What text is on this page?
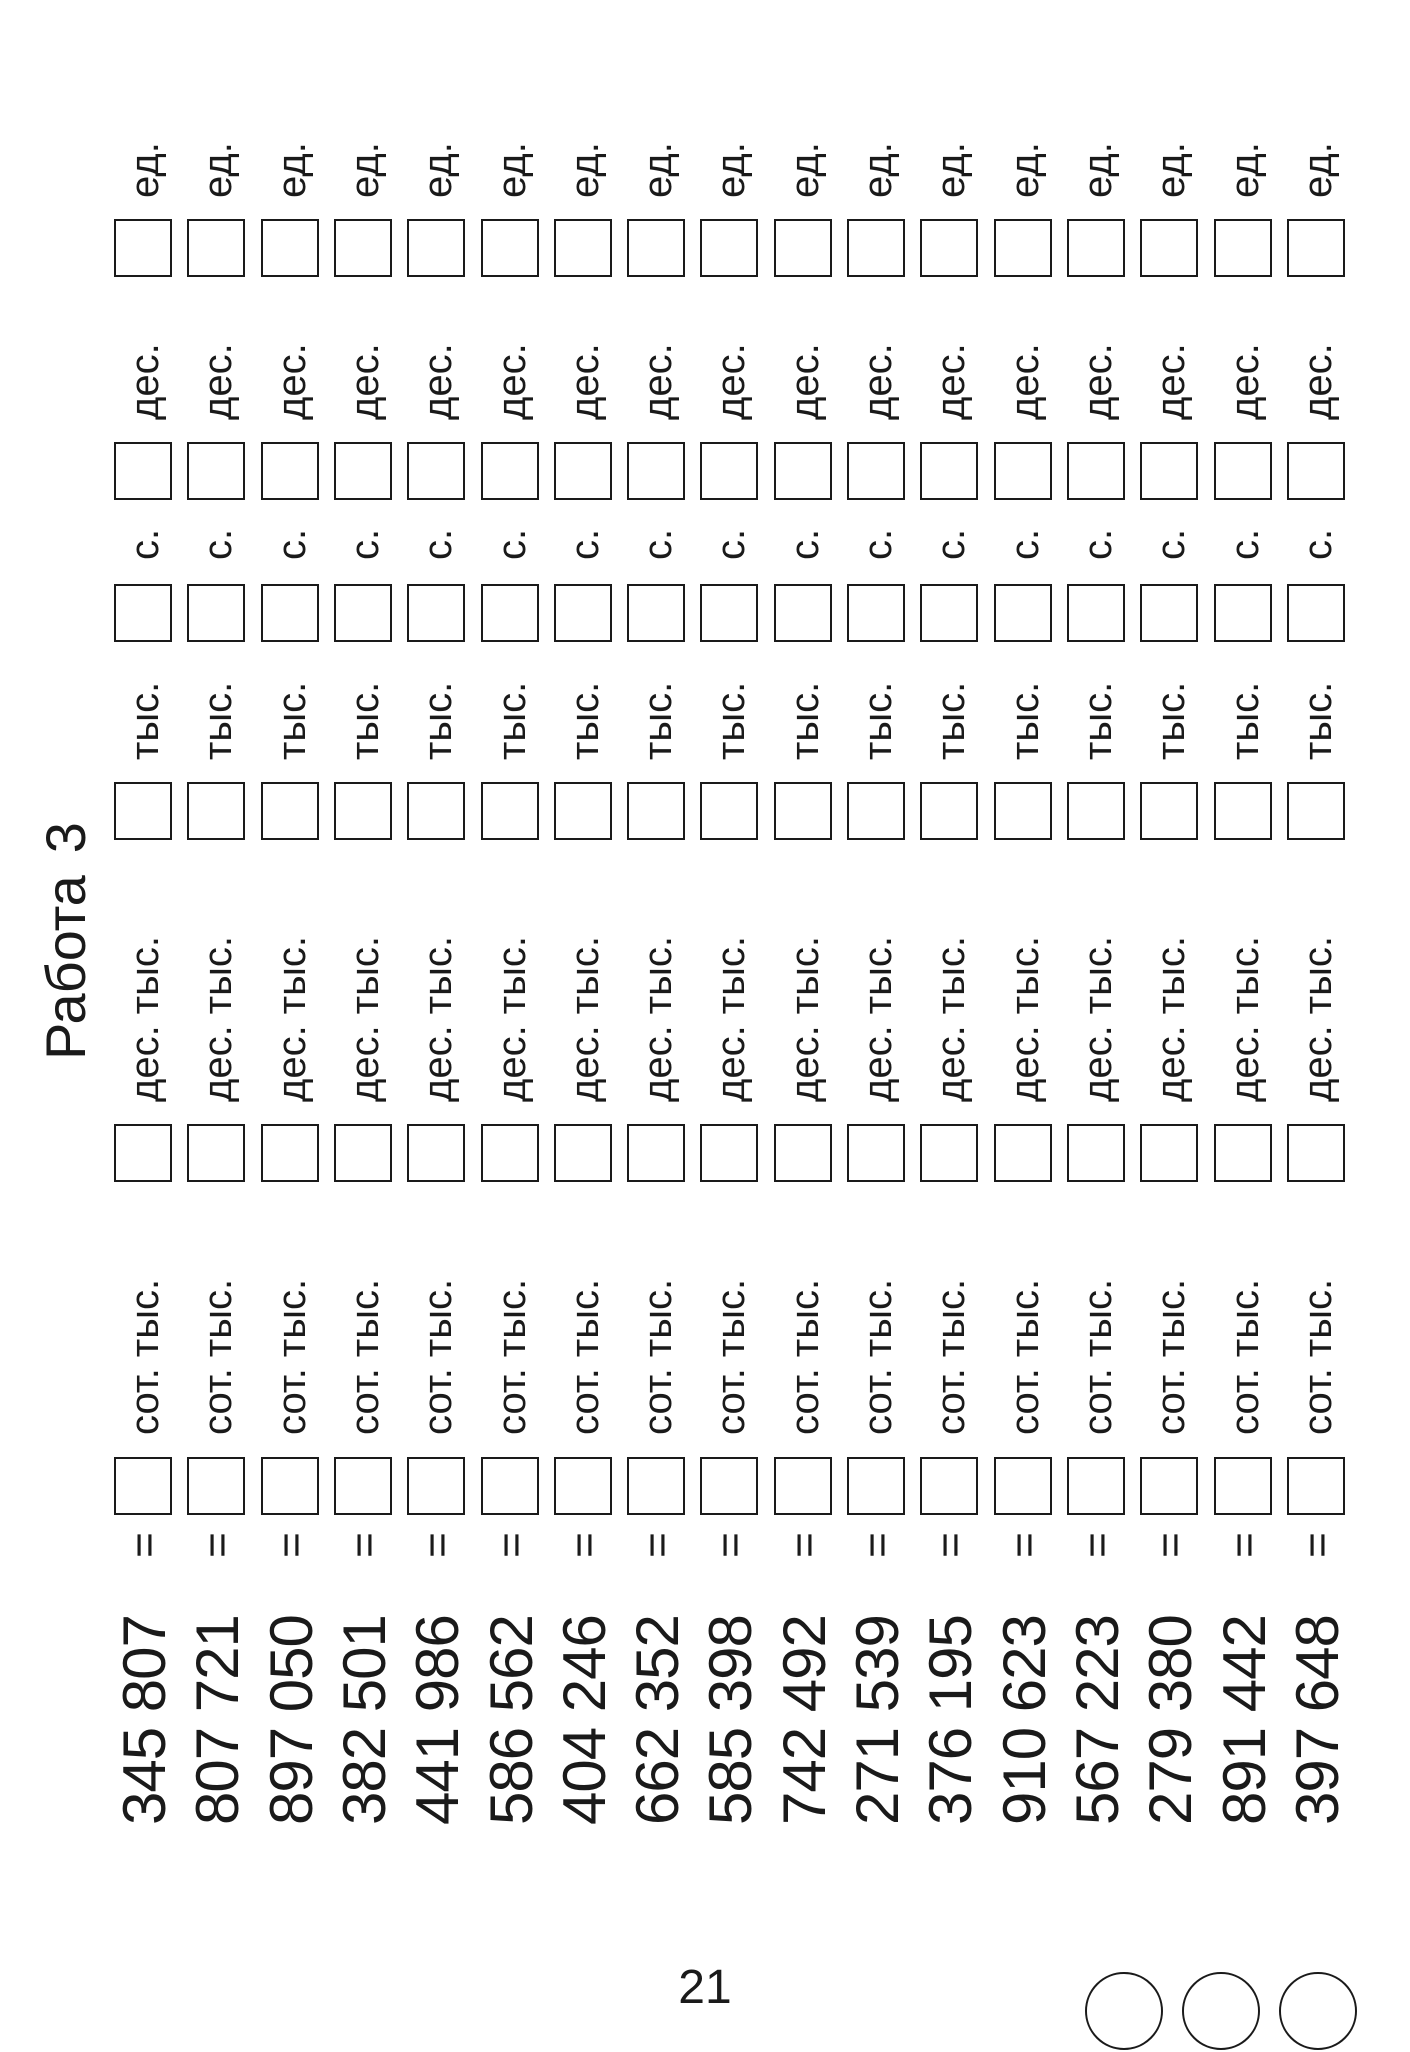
Работа3
345 807
=
сот. тыс.
дес. тыс.
тыс.
с.
дес.
ед.
807 721
=
сот. тыс.
дес. тыс.
тыс.
с.
дес.
ед.
897 050
=
сот. тыс.
дес. тыс.
тыс.
с.
дес.
ед.
382 501
=
сот. тыс.
дес. тыс.
тыс.
с.
дес.
ед.
441 986
=
сот. тыс.
дес. тыс.
тыс.
с.
дес.
ед.
586 562
=
сот. тыс.
дес. тыс.
тыс.
с.
дес.
ед.
404 246
=
сот. тыс.
дес. тыс.
тыс.
с.
дес.
ед.
662 352
=
сот. тыс.
дес. тыс.
тыс.
с.
дес.
ед.
585 398
=
сот. тыс.
дес. тыс.
тыс.
с.
дес.
ед.
742 492
=
сот. тыс.
дес. тыс.
тыс.
с.
дес.
ед.
271 539
=
сот. тыс.
дес. тыс.
тыс.
с.
дес.
ед.
376 195
=
сот. тыс.
дес. тыс.
тыс.
с.
дес.
ед.
910 623
=
сот. тыс.
дес. тыс.
тыс.
с.
дес.
ед.
567 223
=
сот. тыс.
дес. тыс.
тыс.
с.
дес.
ед.
279 380
=
сот. тыс.
дес. тыс.
тыс.
с.
дес.
ед.
891 442
=
сот. тыс.
дес. тыс.
тыс.
с.
дес.
ед.
397 648
=
сот. тыс.
дес. тыс.
тыс.
с.
дес.
ед.
21
